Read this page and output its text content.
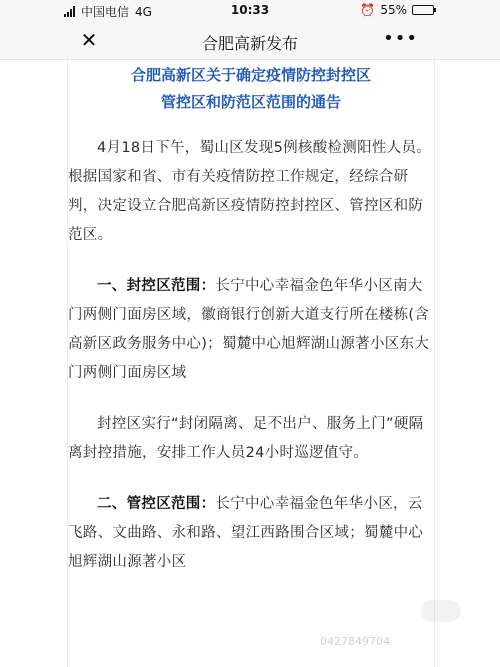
中国电信 4G	10:33	⏰ 55%
✕	合肥高新发布	•••
合肥高新区关于确定疫情防控封控区
管控区和防范区范围的通告

4月18日下午，蜀山区发现5例核酸检测阳性人员。根据国家和省、市有关疫情防控工作规定，经综合研判，决定设立合肥高新区疫情防控封控区、管控区和防范区。

一、封控区范围：长宁中心幸福金色年华小区南大门两侧门面房区域，徽商银行创新大道支行所在楼栋(含高新区政务服务中心)；蜀麓中心旭辉湖山源著小区东大门两侧门面房区域

封控区实行“封闭隔离、足不出户、服务上门”硬隔离封控措施，安排工作人员24小时巡逻值守。

二、管控区范围：长宁中心幸福金色年华小区，云飞路、文曲路、永和路、望江西路围合区域；蜀麓中心旭辉湖山源著小区

0427849704
